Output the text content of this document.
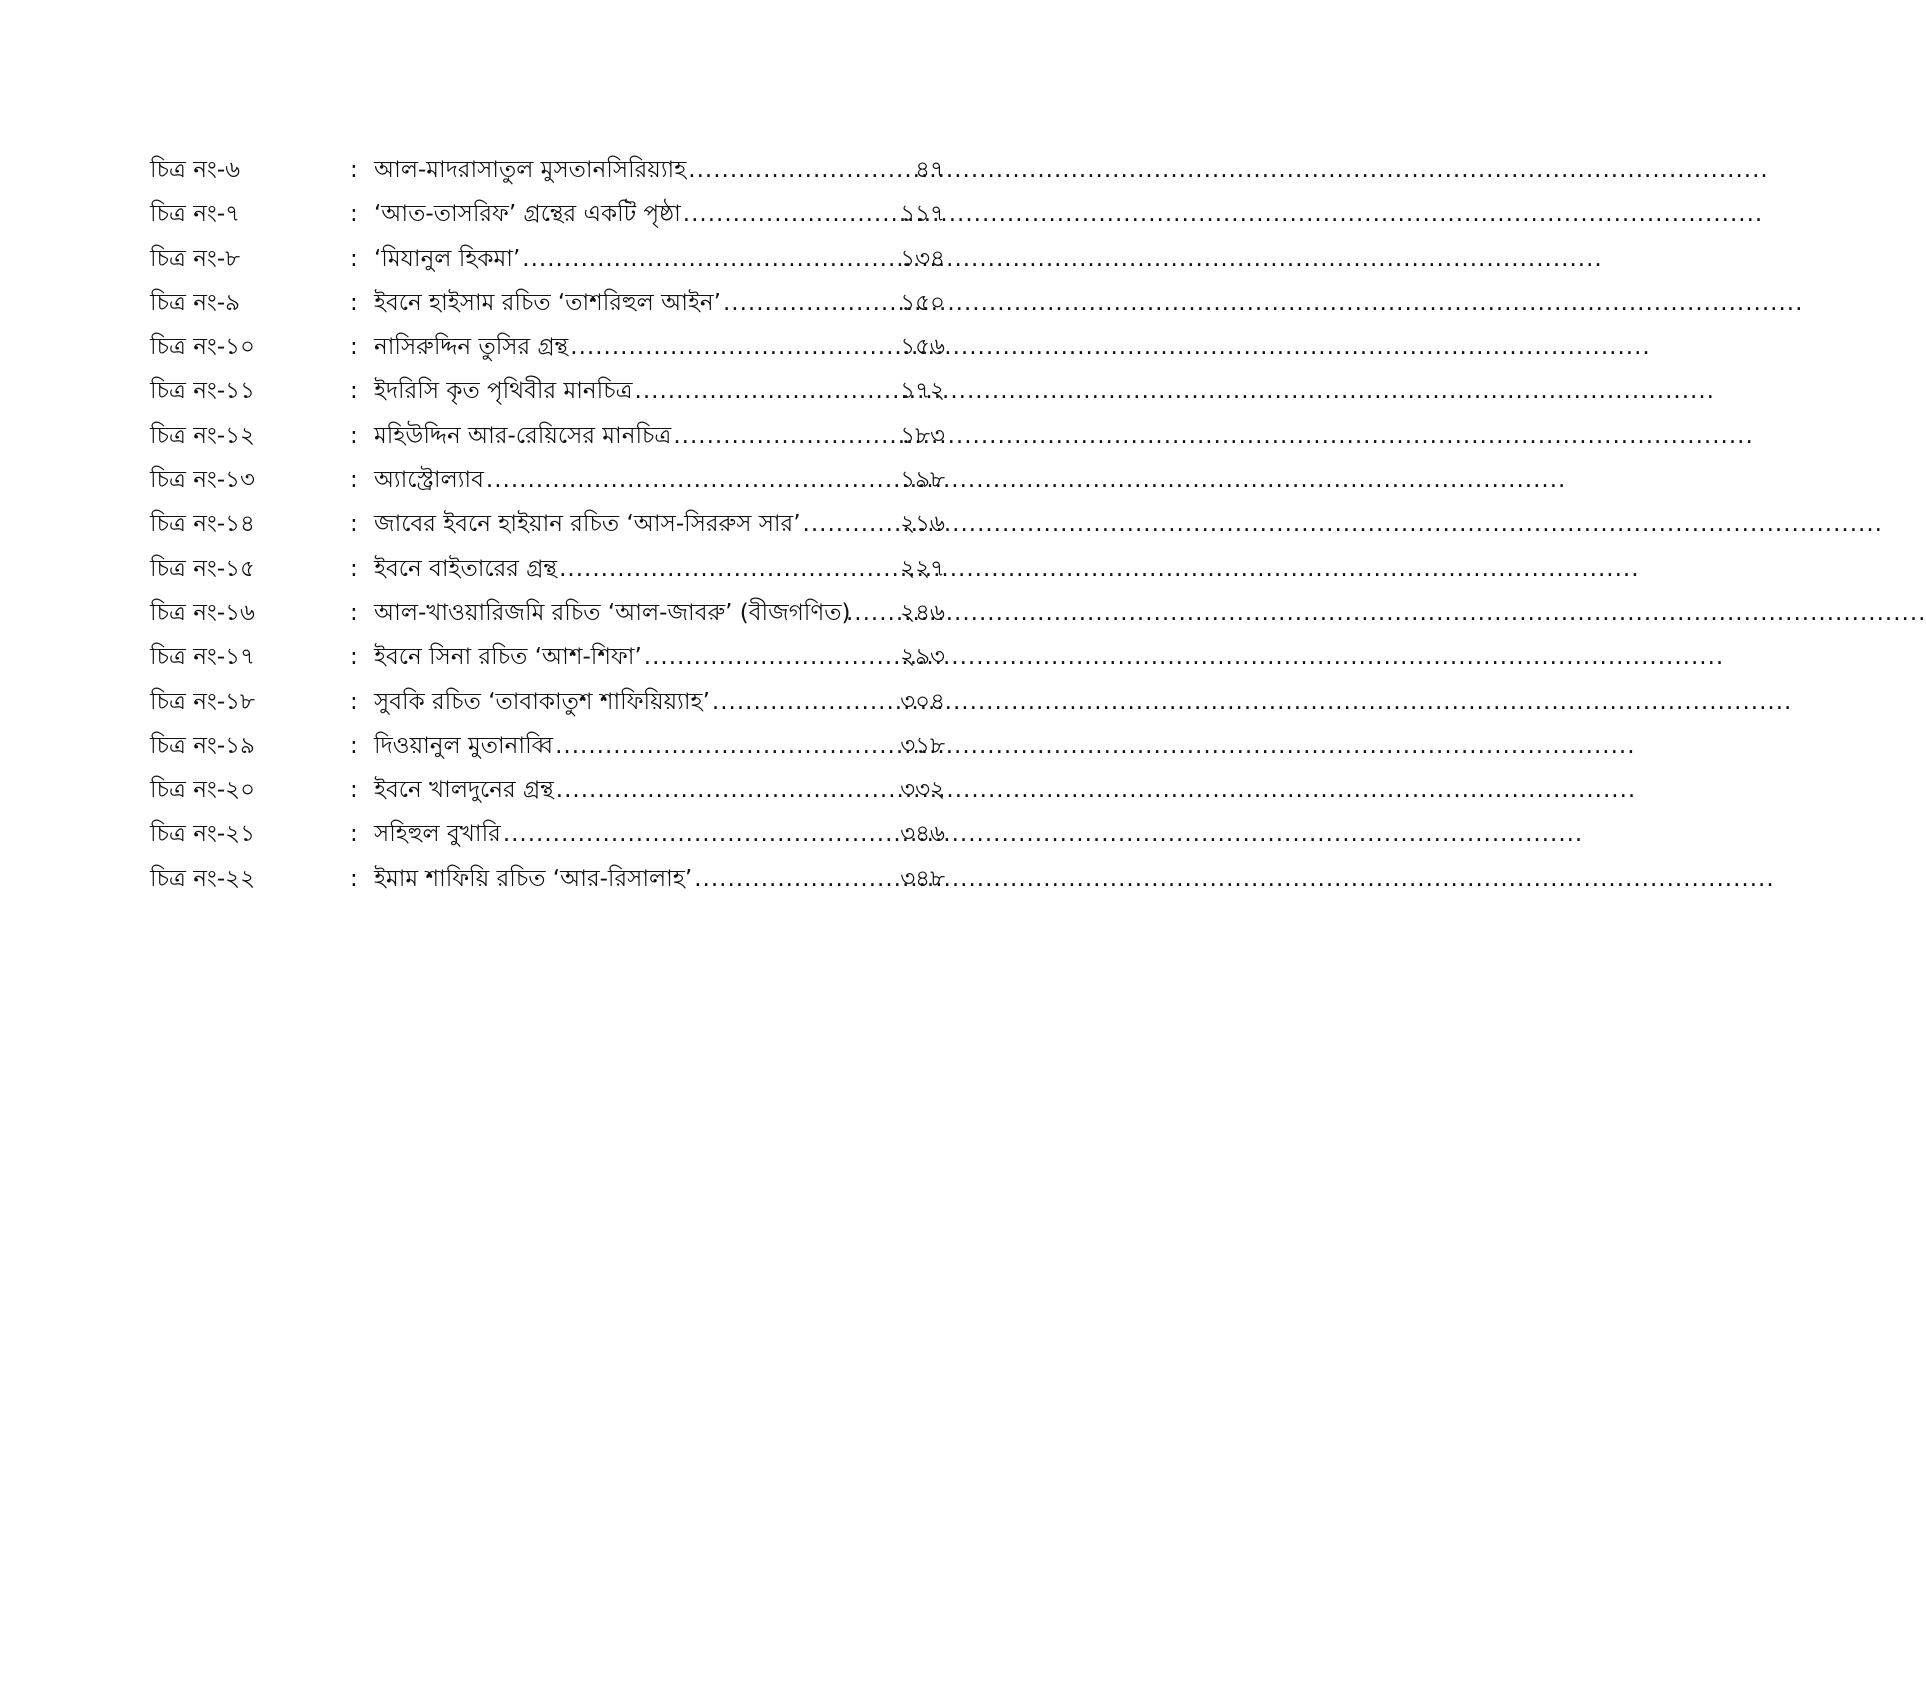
চিত্র নং-৬	: আল-মাদরাসাতুল মুসতানসিরিয়্যাহ .....	৪৭
চিত্র নং-৭	: ‘আত-তাসরিফ’ গ্রন্থের একটি পৃষ্ঠা .....	১১৭
চিত্র নং-৮	: ‘মিযানুল হিকমা’ .....	১৩৪
চিত্র নং-৯	: ইবনে হাইসাম রচিত ‘তাশরিহুল আইন’ .....	১৫০
চিত্র নং-১০	: নাসিরুদ্দিন তুসির গ্রন্থ .....	১৫৬
চিত্র নং-১১	: ইদরিসি কৃত পৃথিবীর মানচিত্র .....	১৭২
চিত্র নং-১২	: মহিউদ্দিন আর-রেয়িসের মানচিত্র .....	১৮৩
চিত্র নং-১৩	: অ্যাস্ট্রোল্যাব .....	১৯৮
চিত্র নং-১৪	: জাবের ইবনে হাইয়ান রচিত ‘আস-সিররুস সার’ .....	২১৬
চিত্র নং-১৫	: ইবনে বাইতারের গ্রন্থ .....	২২৭
চিত্র নং-১৬	: আল-খাওয়ারিজমি রচিত ‘আল-জাবরু’ (বীজগণিত) ..... ২৪৬
চিত্র নং-১৭	: ইবনে সিনা রচিত ‘আশ-শিফা’ .....	২৯৩
চিত্র নং-১৮	: সুবকি রচিত ‘তাবাকাতুশ শাফিয়িয়্যাহ’ .....	৩০৪
চিত্র নং-১৯	: দিওয়ানুল মুতানাব্বি .....	৩১৮
চিত্র নং-২০	: ইবনে খালদুনের গ্রন্থ .....	৩৩২
চিত্র নং-২১	: সহিহুল বুখারি .....	৩৪৬
চিত্র নং-২২	: ইমাম শাফিয়ি রচিত ‘আর-রিসালাহ’ .....	৩৪৮
